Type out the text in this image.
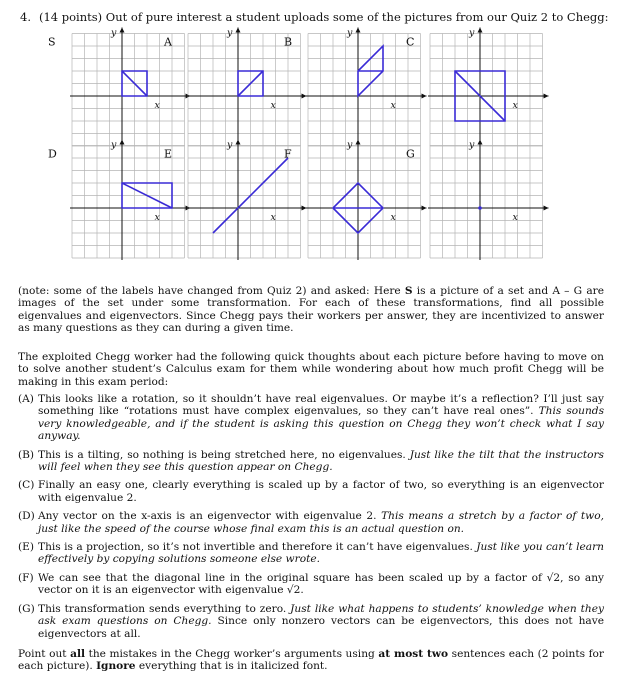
4. (14 points) Out of pure interest a student uploads some of the pictures from our Quiz 2 to Chegg:
S
y
x
A
y
x
B
y
x
C
y
x
D
y
x
E
y
x
F
y
x
G
y
x
(note: some of the labels have changed from Quiz 2) and asked: Here S is a picture of a set and A – G are images of the set under some transformation. For each of these transformations, find all possible eigenvalues and eigenvectors. Since Chegg pays their workers per answer, they are incentivized to answer as many questions as they can during a given time.
The exploited Chegg worker had the following quick thoughts about each picture before having to move on to solve another student’s Calculus exam for them while wondering about how much profit Chegg will be making in this exam period:
(A) This looks like a rotation, so it shouldn’t have real eigenvalues. Or maybe it’s a reflection? I’ll just say something like “rotations must have complex eigenvalues, so they can’t have real ones”. This sounds very knowledgeable, and if the student is asking this question on Chegg they won’t check what I say anyway.
(B) This is a tilting, so nothing is being stretched here, no eigenvalues. Just like the tilt that the instructors will feel when they see this question appear on Chegg.
(C) Finally an easy one, clearly everything is scaled up by a factor of two, so everything is an eigenvector with eigenvalue 2.
(D) Any vector on the x-axis is an eigenvector with eigenvalue 2. This means a stretch by a factor of two, just like the speed of the course whose final exam this is an actual question on.
(E) This is a projection, so it’s not invertible and therefore it can’t have eigenvalues. Just like you can’t learn effectively by copying solutions someone else wrote.
(F) We can see that the diagonal line in the original square has been scaled up by a factor of √2, so any vector on it is an eigenvector with eigenvalue √2.
(G) This transformation sends everything to zero. Just like what happens to students’ knowledge when they ask exam questions on Chegg. Since only nonzero vectors can be eigenvectors, this does not have eigenvectors at all.
Point out all the mistakes in the Chegg worker’s arguments using at most two sentences each (2 points for each picture). Ignore everything that is in italicized font.
